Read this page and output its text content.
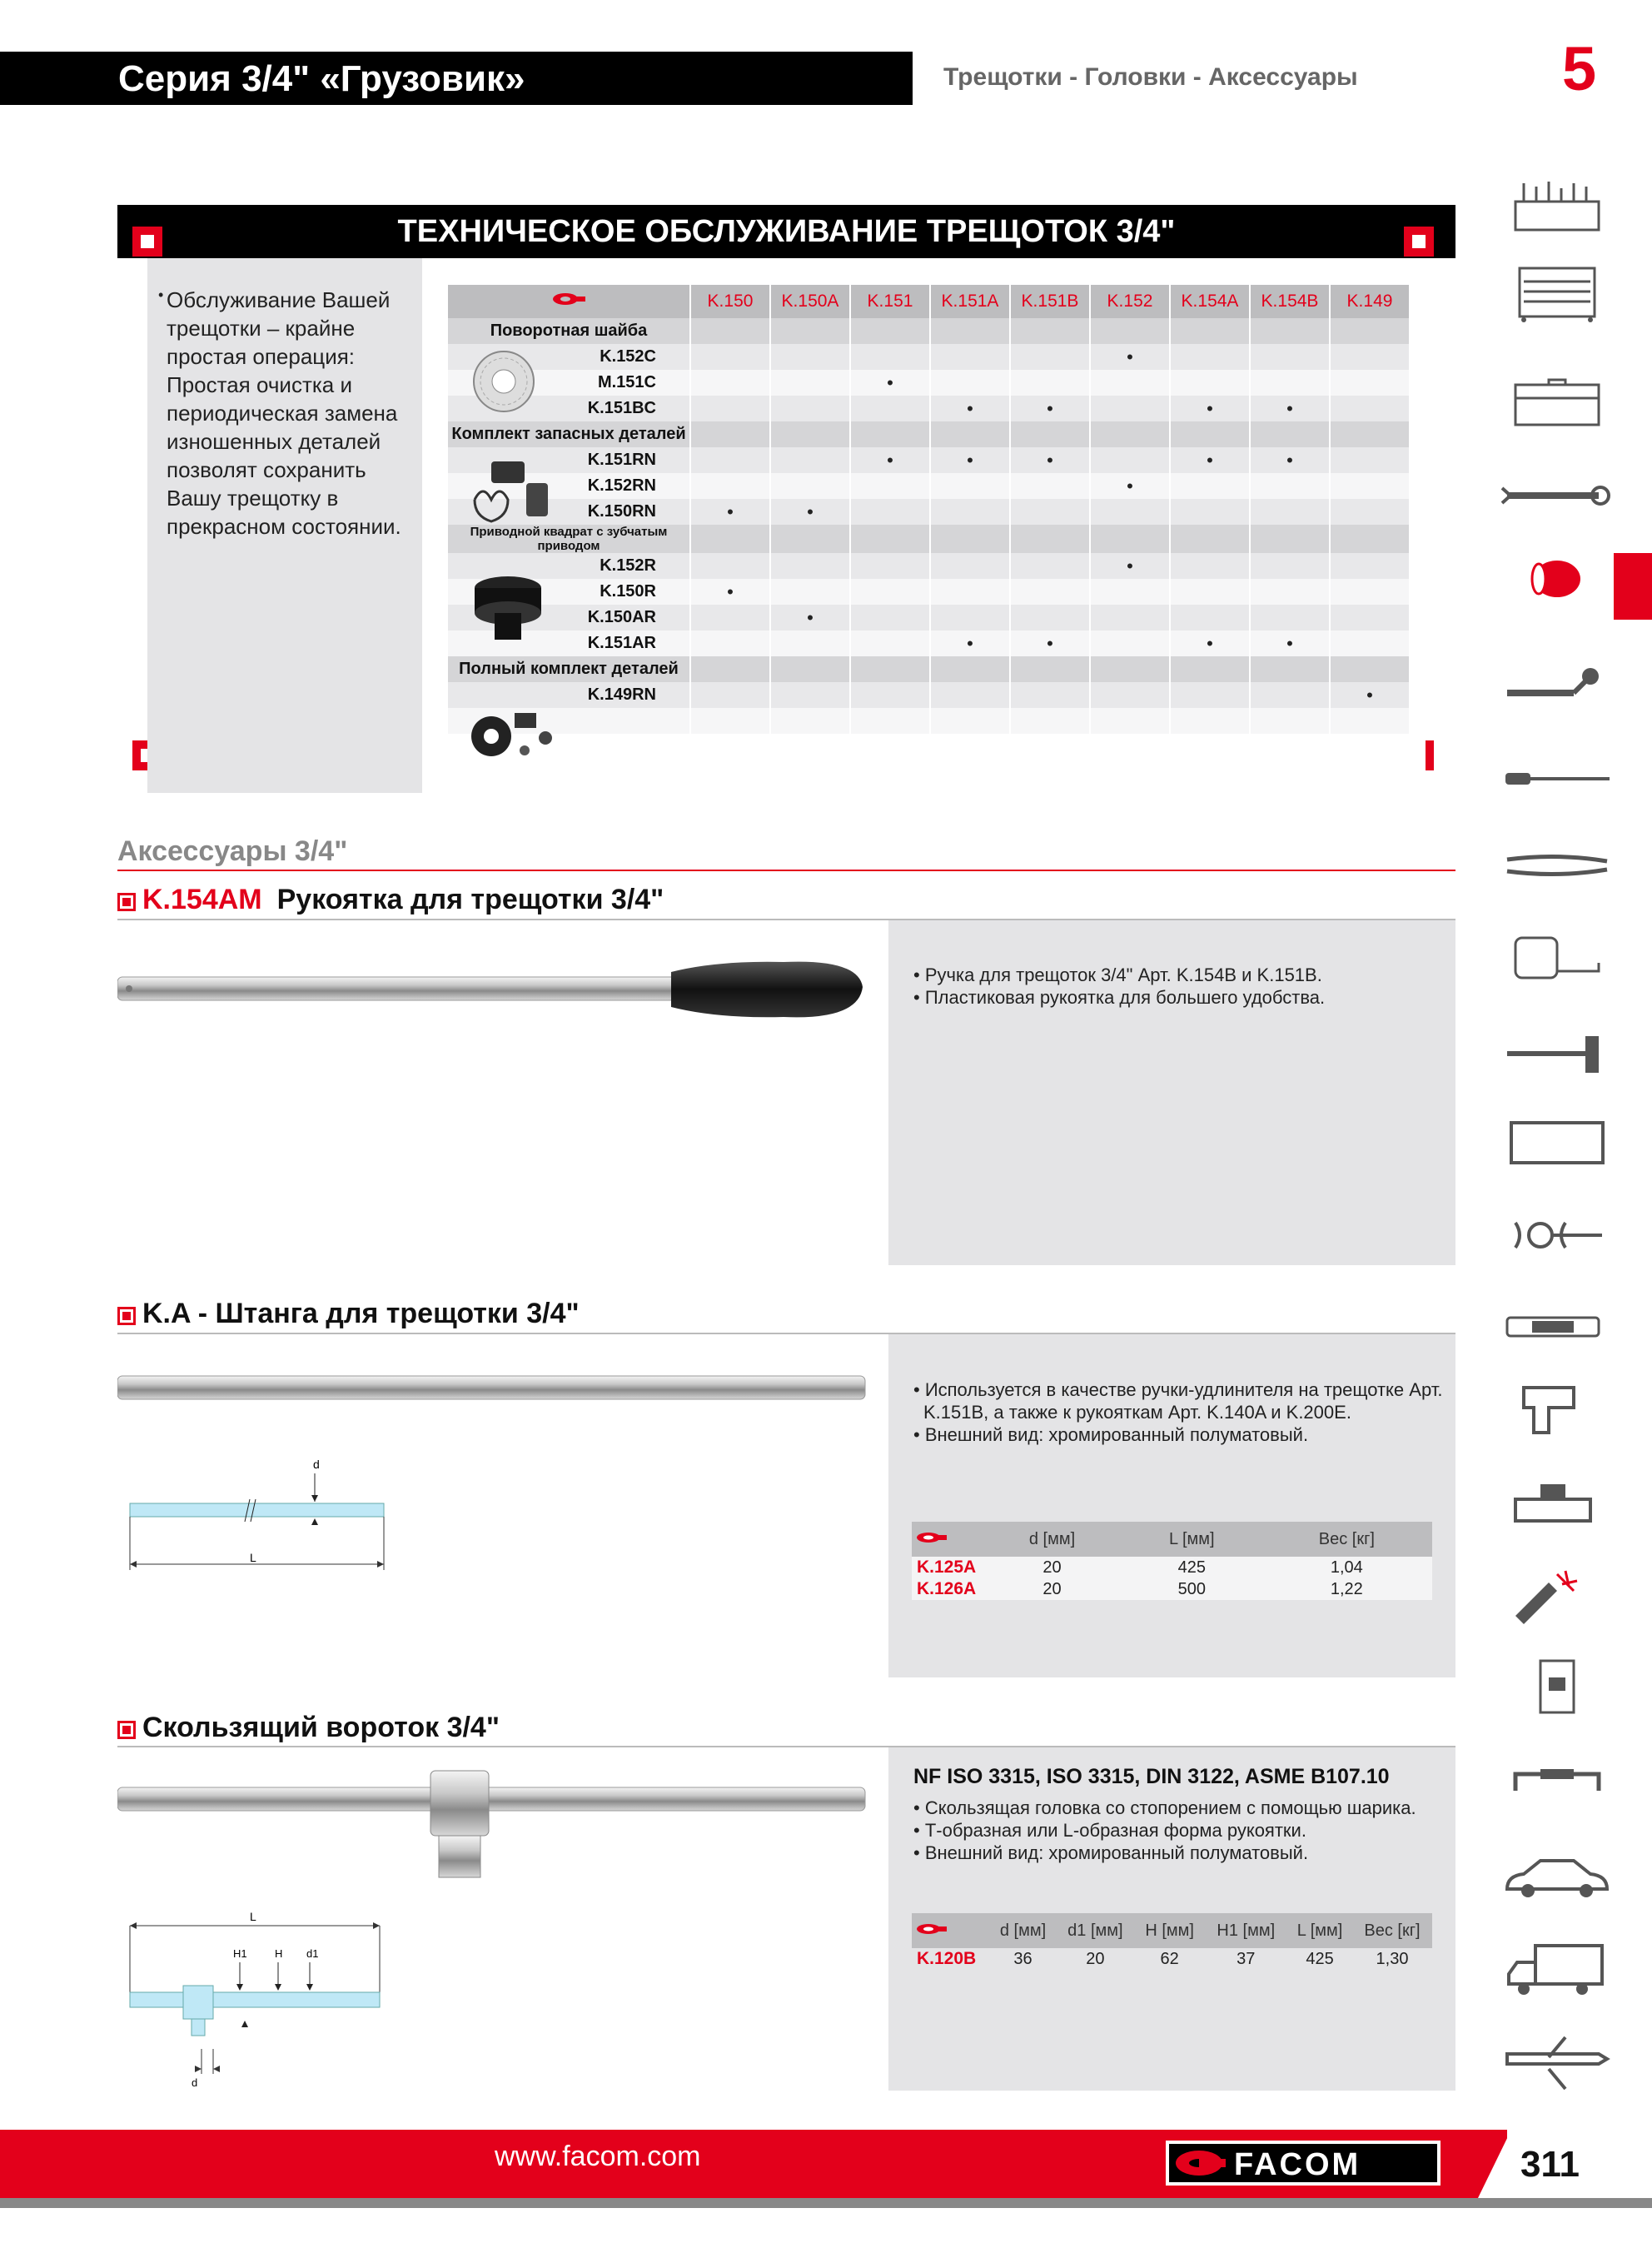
Серия 3/4" «Грузовик»	Трещотки - Головки - Аксессуары	5
ТЕХНИЧЕСКОЕ ОБСЛУЖИВАНИЕ ТРЕЩОТОК 3/4"
• Обслуживание Вашей трещотки – крайне простая операция: Простая очистка и периодическая замена изношенных деталей позволят сохранить Вашу трещотку в прекрасном состоянии.
	K.150	K.150A	K.151	K.151A	K.151B	K.152	K.154A	K.154B	K.149
Поворотная шайба									
K.152C						•			
M.151C			•						
K.151BC				•	•		•	•	
Комплект запасных деталей									
K.151RN			•	•	•		•	•	
K.152RN						•			
K.150RN	•	•							
Приводной квадрат с зубчатым приводом									
K.152R						•			
K.150R	•								
K.150AR		•							
K.151AR				•	•		•	•	
Полный комплект деталей									
K.149RN									•

Аксессуары 3/4"
K.154AM Рукоятка для трещотки 3/4"
• Ручка для трещоток 3/4" Арт. K.154B и K.151B.
• Пластиковая рукоятка для большего удобства.
K.A - Штанга для трещотки 3/4"
• Используется в качестве ручки-удлинителя на трещотке Арт. K.151B, а также к рукояткам Арт. K.140A и K.200E.
• Внешний вид: хромированный полуматовый.
d
L
	d [мм]	L [мм]	Вес [кг]
K.125A	20	425	1,04
K.126A	20	500	1,22
Скользящий вороток 3/4"
NF ISO 3315, ISO 3315, DIN 3122, ASME B107.10
• Скользящая головка со стопорением с помощью шарика.
• Т-образная или L-образная форма рукоятки.
• Внешний вид: хромированный полуматовый.
L
H1	H d1
d
	d [мм]	d1 [мм]	H [мм]	H1 [мм]	L [мм]	Вес [кг]
K.120B	36	20	62	37	425	1,30
www.facom.com	FACOM	311
